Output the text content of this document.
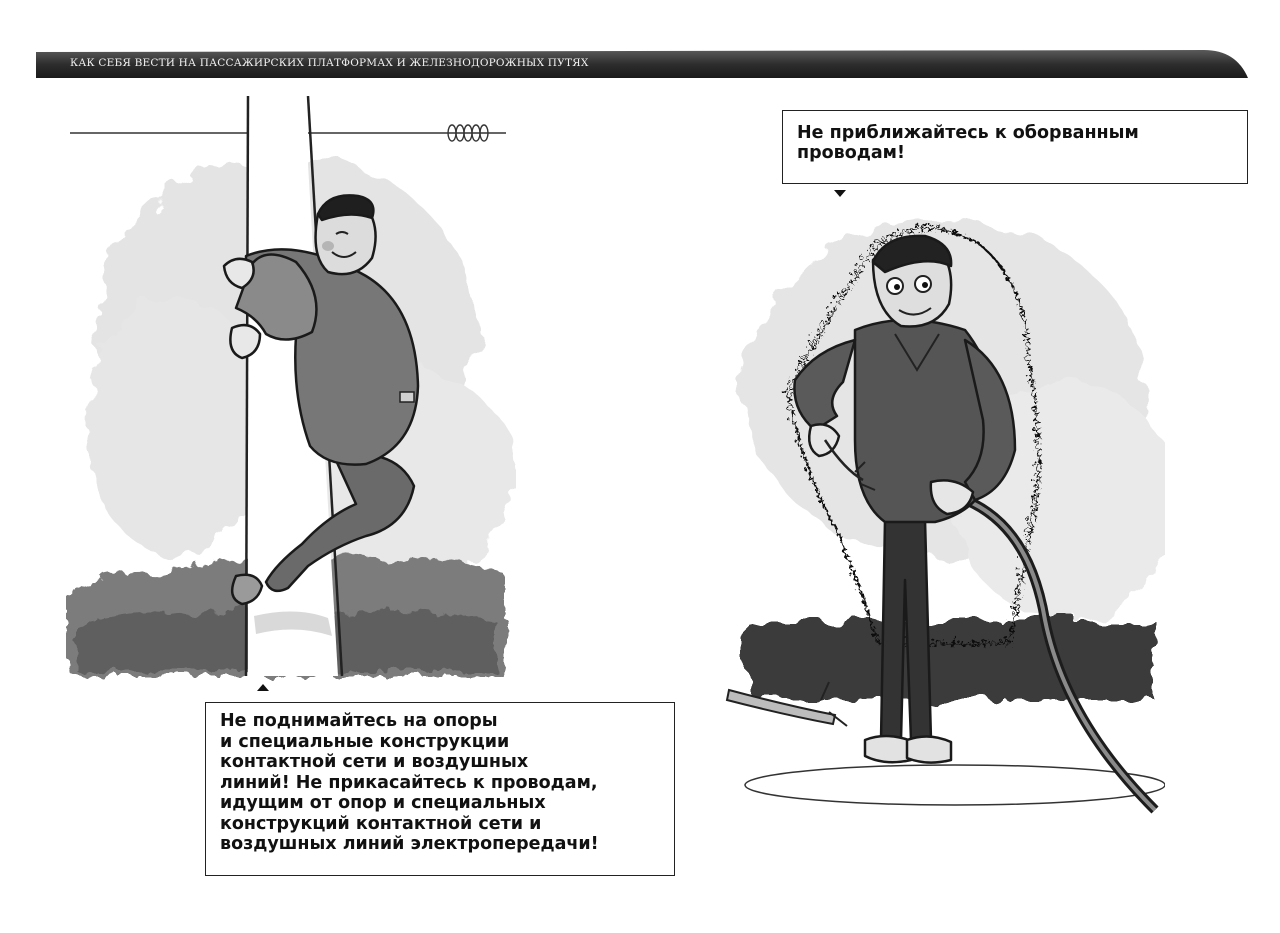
КАК СЕБЯ ВЕСТИ НА ПАССАЖИРСКИХ ПЛАТФОРМАХ И ЖЕЛЕЗНОДОРОЖНЫХ ПУТЯХ
Не приближайтесь к оборванным
проводам!
Не поднимайтесь на опоры
и специальные конструкции
контактной сети и воздушных
линий! Не прикасайтесь к проводам,
идущим от опор и специальных
конструкций контактной сети и
воздушных линий электропередачи!
